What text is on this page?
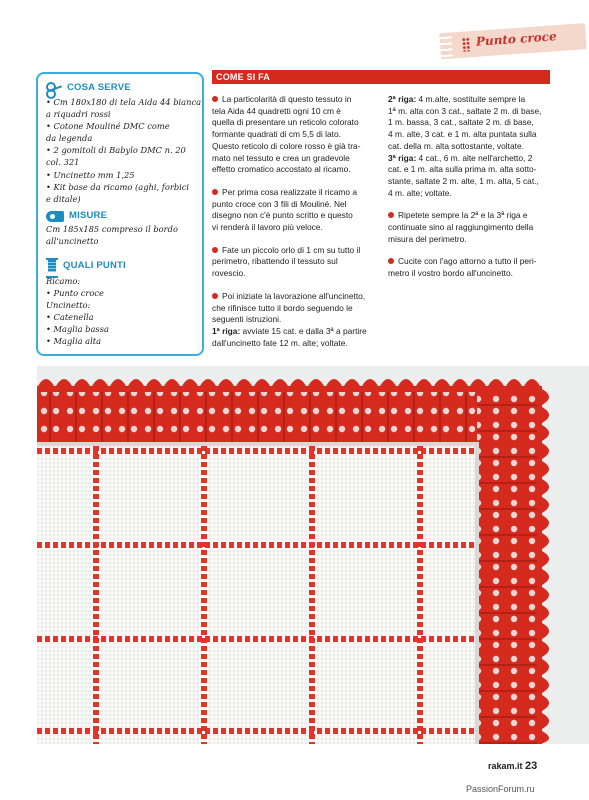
Punto croce
COSA SERVE

• Cm 180x180 di tela Aida 44 bianca

a riquadri rossi

• Cotone Mouliné DMC come

da legenda

• 2 gomitoli di Babylo DMC n. 20

col. 321

• Uncinetto mm 1,25

• Kit base da ricamo (aghi, forbici

e ditale)

MISURE

Cm 185x185 compreso il bordo

all'uncinetto

QUALI PUNTI

Ricamo:

• Punto croce

Uncinetto:

• Catenella

• Maglia bassa

• Maglia alta

COME SI FA

La particolarità di questo tessuto in

tela Aida 44 quadretti ogni 10 cm è

quella di presentare un reticolo colorato

formante quadrati di cm 5,5 di lato.

Questo reticolo di colore rosso è già tra-

mato nel tessuto e crea un gradevole

effetto cromatico accostato al ricamo.

Per prima cosa realizzate il ricamo a

punto croce con 3 fili di Mouliné. Nel

disegno non c'è punto scritto e questo

vi renderà il lavoro più veloce.

Fate un piccolo orlo di 1 cm su tutto il

perimetro, ribattendo il tessuto sul

rovescio.

Poi iniziate la lavorazione all'uncinetto,

che rifinisce tutto il bordo seguendo le

seguenti istruzioni.

1ª riga: avviate 15 cat. e dalla 3ª a partire

dall'uncinetto fate 12 m. alte; voltate.

2ª riga: 4 m.alte, sostituite sempre la

1ª m. alta con 3 cat., saltate 2 m. di base,

1 m. bassa, 3 cat., saltate 2 m. di base,

4 m. alte, 3 cat. e 1 m. alta puntata sulla

cat. della m. alta sottostante, voltate.

3ª riga: 4 cat., 6 m. alte nell'archetto, 2

cat. e 1 m. alta sulla prima m. alta sotto-

stante, saltate 2 m. alte, 1 m. alta, 5 cat.,

4 m. alte; voltate.

Ripetete sempre la 2ª e la 3ª riga e

continuate sino al raggiungimento della

misura del perimetro.

Cucite con l'ago attorno a tutto il peri-

metro il vostro bordo all'uncinetto.

rakam.it 23
PassionForum.ru
